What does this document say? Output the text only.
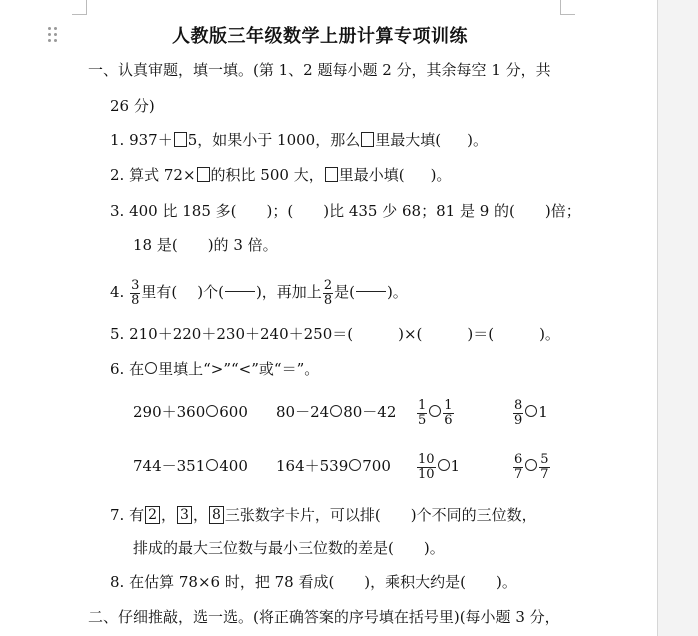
人教版三年级数学上册计算专项训练
一、认真审题，填一填。(第 1、2 题每小题 2 分，其余每空 1 分，共
26 分)
1. 937＋ 5，如果小于 1000，那么 里最大填( )。
2. 算式 72× 的积比 500 大， 里最小填( )。
3. 400 比 185 多(　　)；(　　)比 435 少 68；81 是 9 的(　　)倍；
18 是(　　)的 3 倍。
4. $\frac{3}{8}$ 里有( )个( )，再加上 $\frac{2}{8}$ 是( )。
5. 210＋220＋230＋240＋250＝(　　　)×(　　　)＝(　　　)。
6. 在 里填上“>”“<”或“＝”。
290＋360 600 80－24 $80-42 \frac{1}{5} \frac{1}{6}$	$\frac{8}{9} 1$
744－351 400 164＋539 $700 \frac{10}{10} 1$	$\frac{6}{7} \frac{5}{7}$
7. 有 2 ， 3 ， 8 三张数字卡片，可以排(　　)个不同的三位数，
排成的最大三位数与最小三位数的差是(　　)。
8. 在估算 78×6 时，把 78 看成(　　)，乘积大约是(　　)。
二、仔细推敲，选一选。(将正确答案的序号填在括号里)(每小题 3 分，
